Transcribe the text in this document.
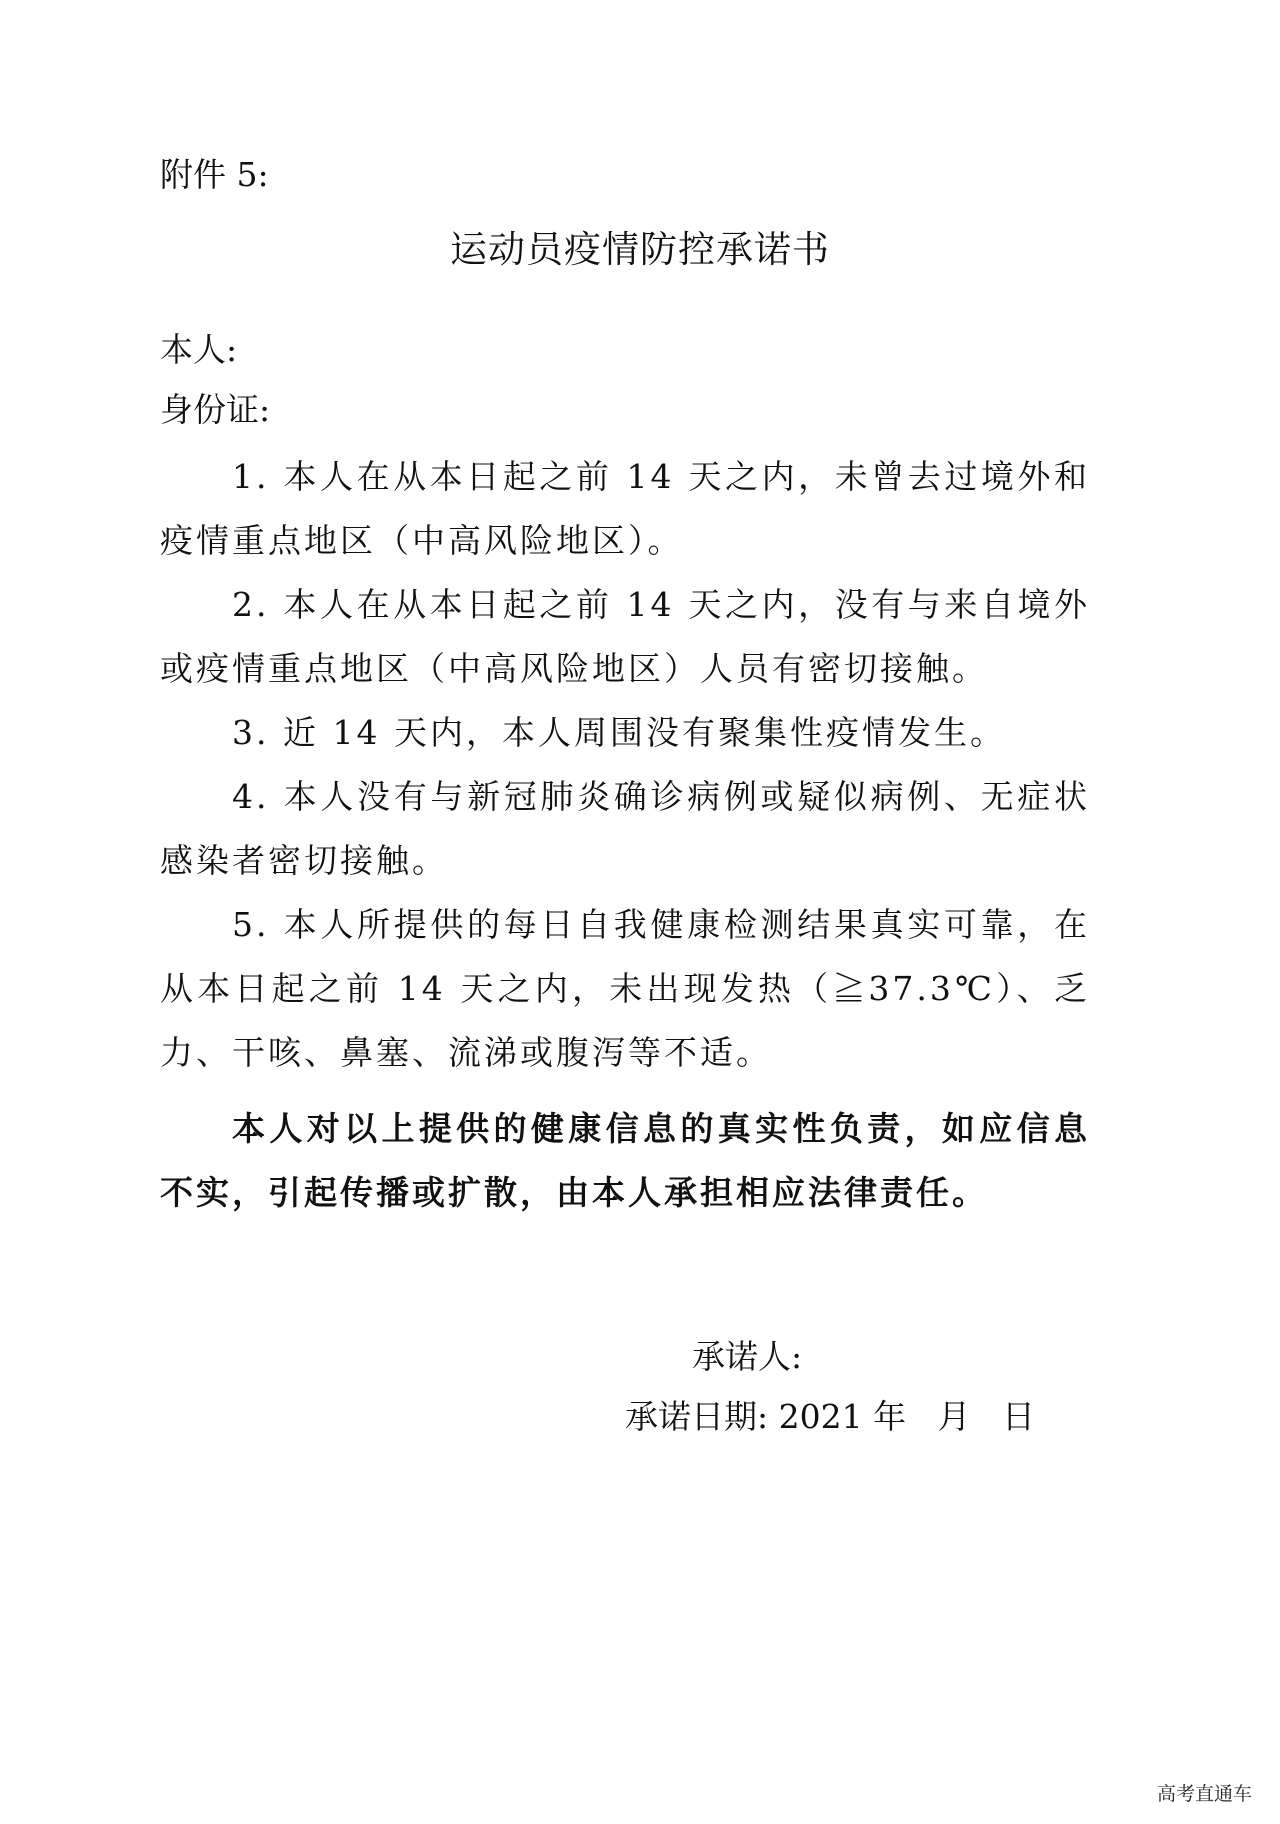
附件 5:
运动员疫情防控承诺书
本人:
身份证:

1. 本人在从本日起之前 14 天之内，未曾去过境外和疫情重点地区（中高风险地区）。

2. 本人在从本日起之前 14 天之内，没有与来自境外或疫情重点地区（中高风险地区）人员有密切接触。

3. 近 14 天内，本人周围没有聚集性疫情发生。

4. 本人没有与新冠肺炎确诊病例或疑似病例、无症状感染者密切接触。

5. 本人所提供的每日自我健康检测结果真实可靠，在从本日起之前 14 天之内，未出现发热（≧37.3℃）、乏力、干咳、鼻塞、流涕或腹泻等不适。

本人对以上提供的健康信息的真实性负责，如应信息不实，引起传播或扩散，由本人承担相应法律责任。

承诺人:
承诺日期: 2021 年   月   日
高考直通车
